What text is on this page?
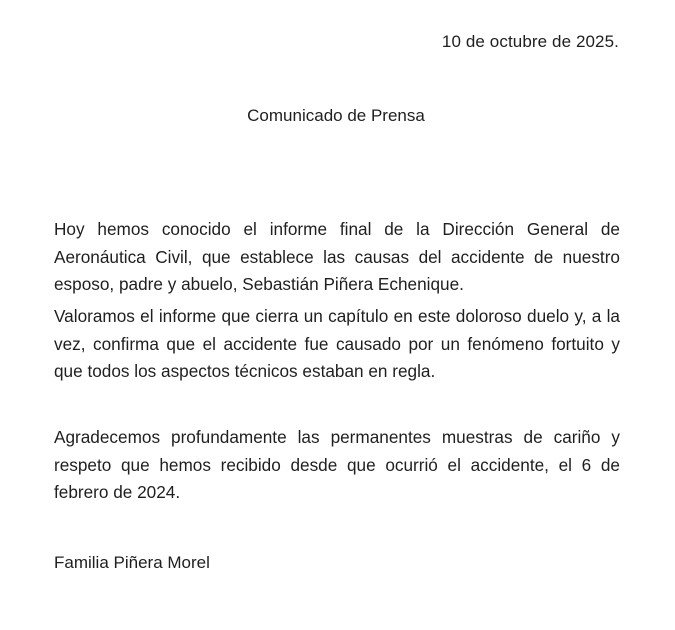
10 de octubre de 2025.
Comunicado de Prensa

Hoy hemos conocido el informe final de la Dirección General de Aeronáutica Civil, que establece las causas del accidente de nuestro esposo, padre y abuelo, Sebastián Piñera Echenique.

Valoramos el informe que cierra un capítulo en este doloroso duelo y, a la vez, confirma que el accidente fue causado por un fenómeno fortuito y que todos los aspectos técnicos estaban en regla.

Agradecemos profundamente las permanentes muestras de cariño y respeto que hemos recibido desde que ocurrió el accidente, el 6 de febrero de 2024.

Familia Piñera Morel
